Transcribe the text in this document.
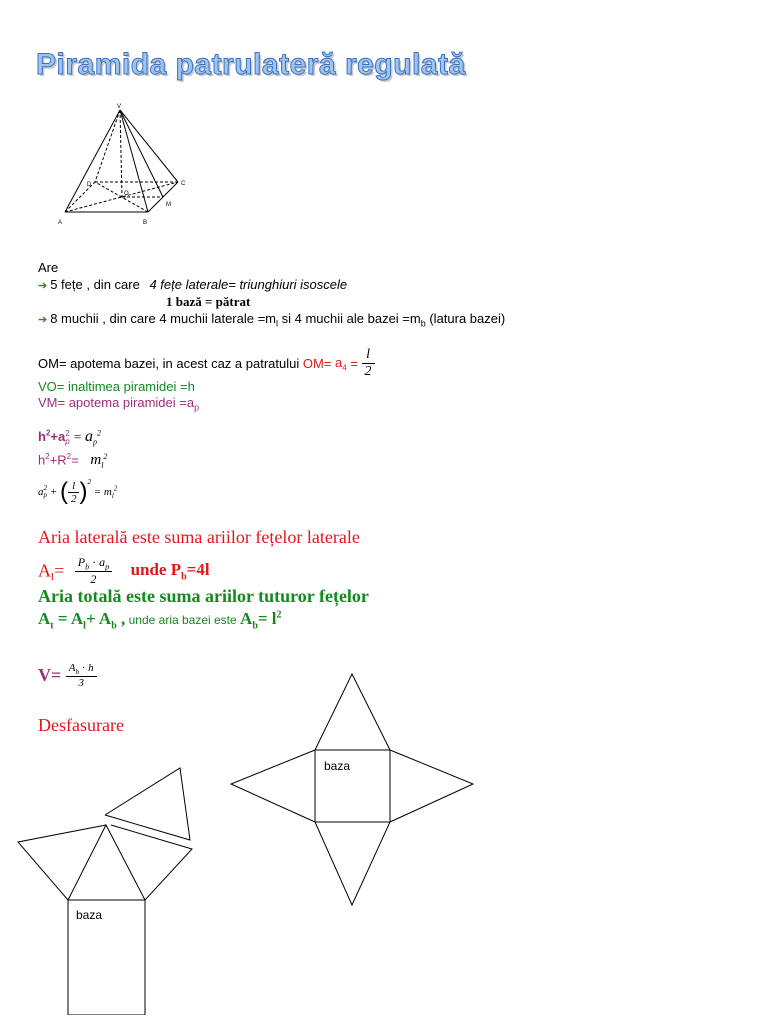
Piramida patrulateră regulată
V
A	B
C
D
M
O
Are
➔ 5 fețe , din care 4 fețe laterale= triunghiuri isoscele
1 bază = pătrat
➔ 8 muchii , din care 4 muchii laterale $=m_l$ si 4 muchii ale bazei $=m_b$ (latura bazei)
OM= apotema bazei, in acest caz a patratului $OM= a_4 = \frac{l}{2}$
VO= inaltimea piramidei =h
VM= apotema piramidei $=a_p$
$h^2+a$ 2
$p = a_p^2$
$h^2+R^2= m_l^2$
a 2
p + ( $\frac{l}{2} )^2 = m_l^2$
Aria laterală este suma ariilor fețelor laterale
$A_l= \frac{P_b \cdot a_p}{2}$ unde $P_b=4l$
Aria totală este suma ariilor tuturor fețelor
$A_t = A_l+ A_b$ , unde aria bazei este $A_b= l^2$
$V= \frac{A_b \cdot h}{3}$
Desfasurare
baza
baza
